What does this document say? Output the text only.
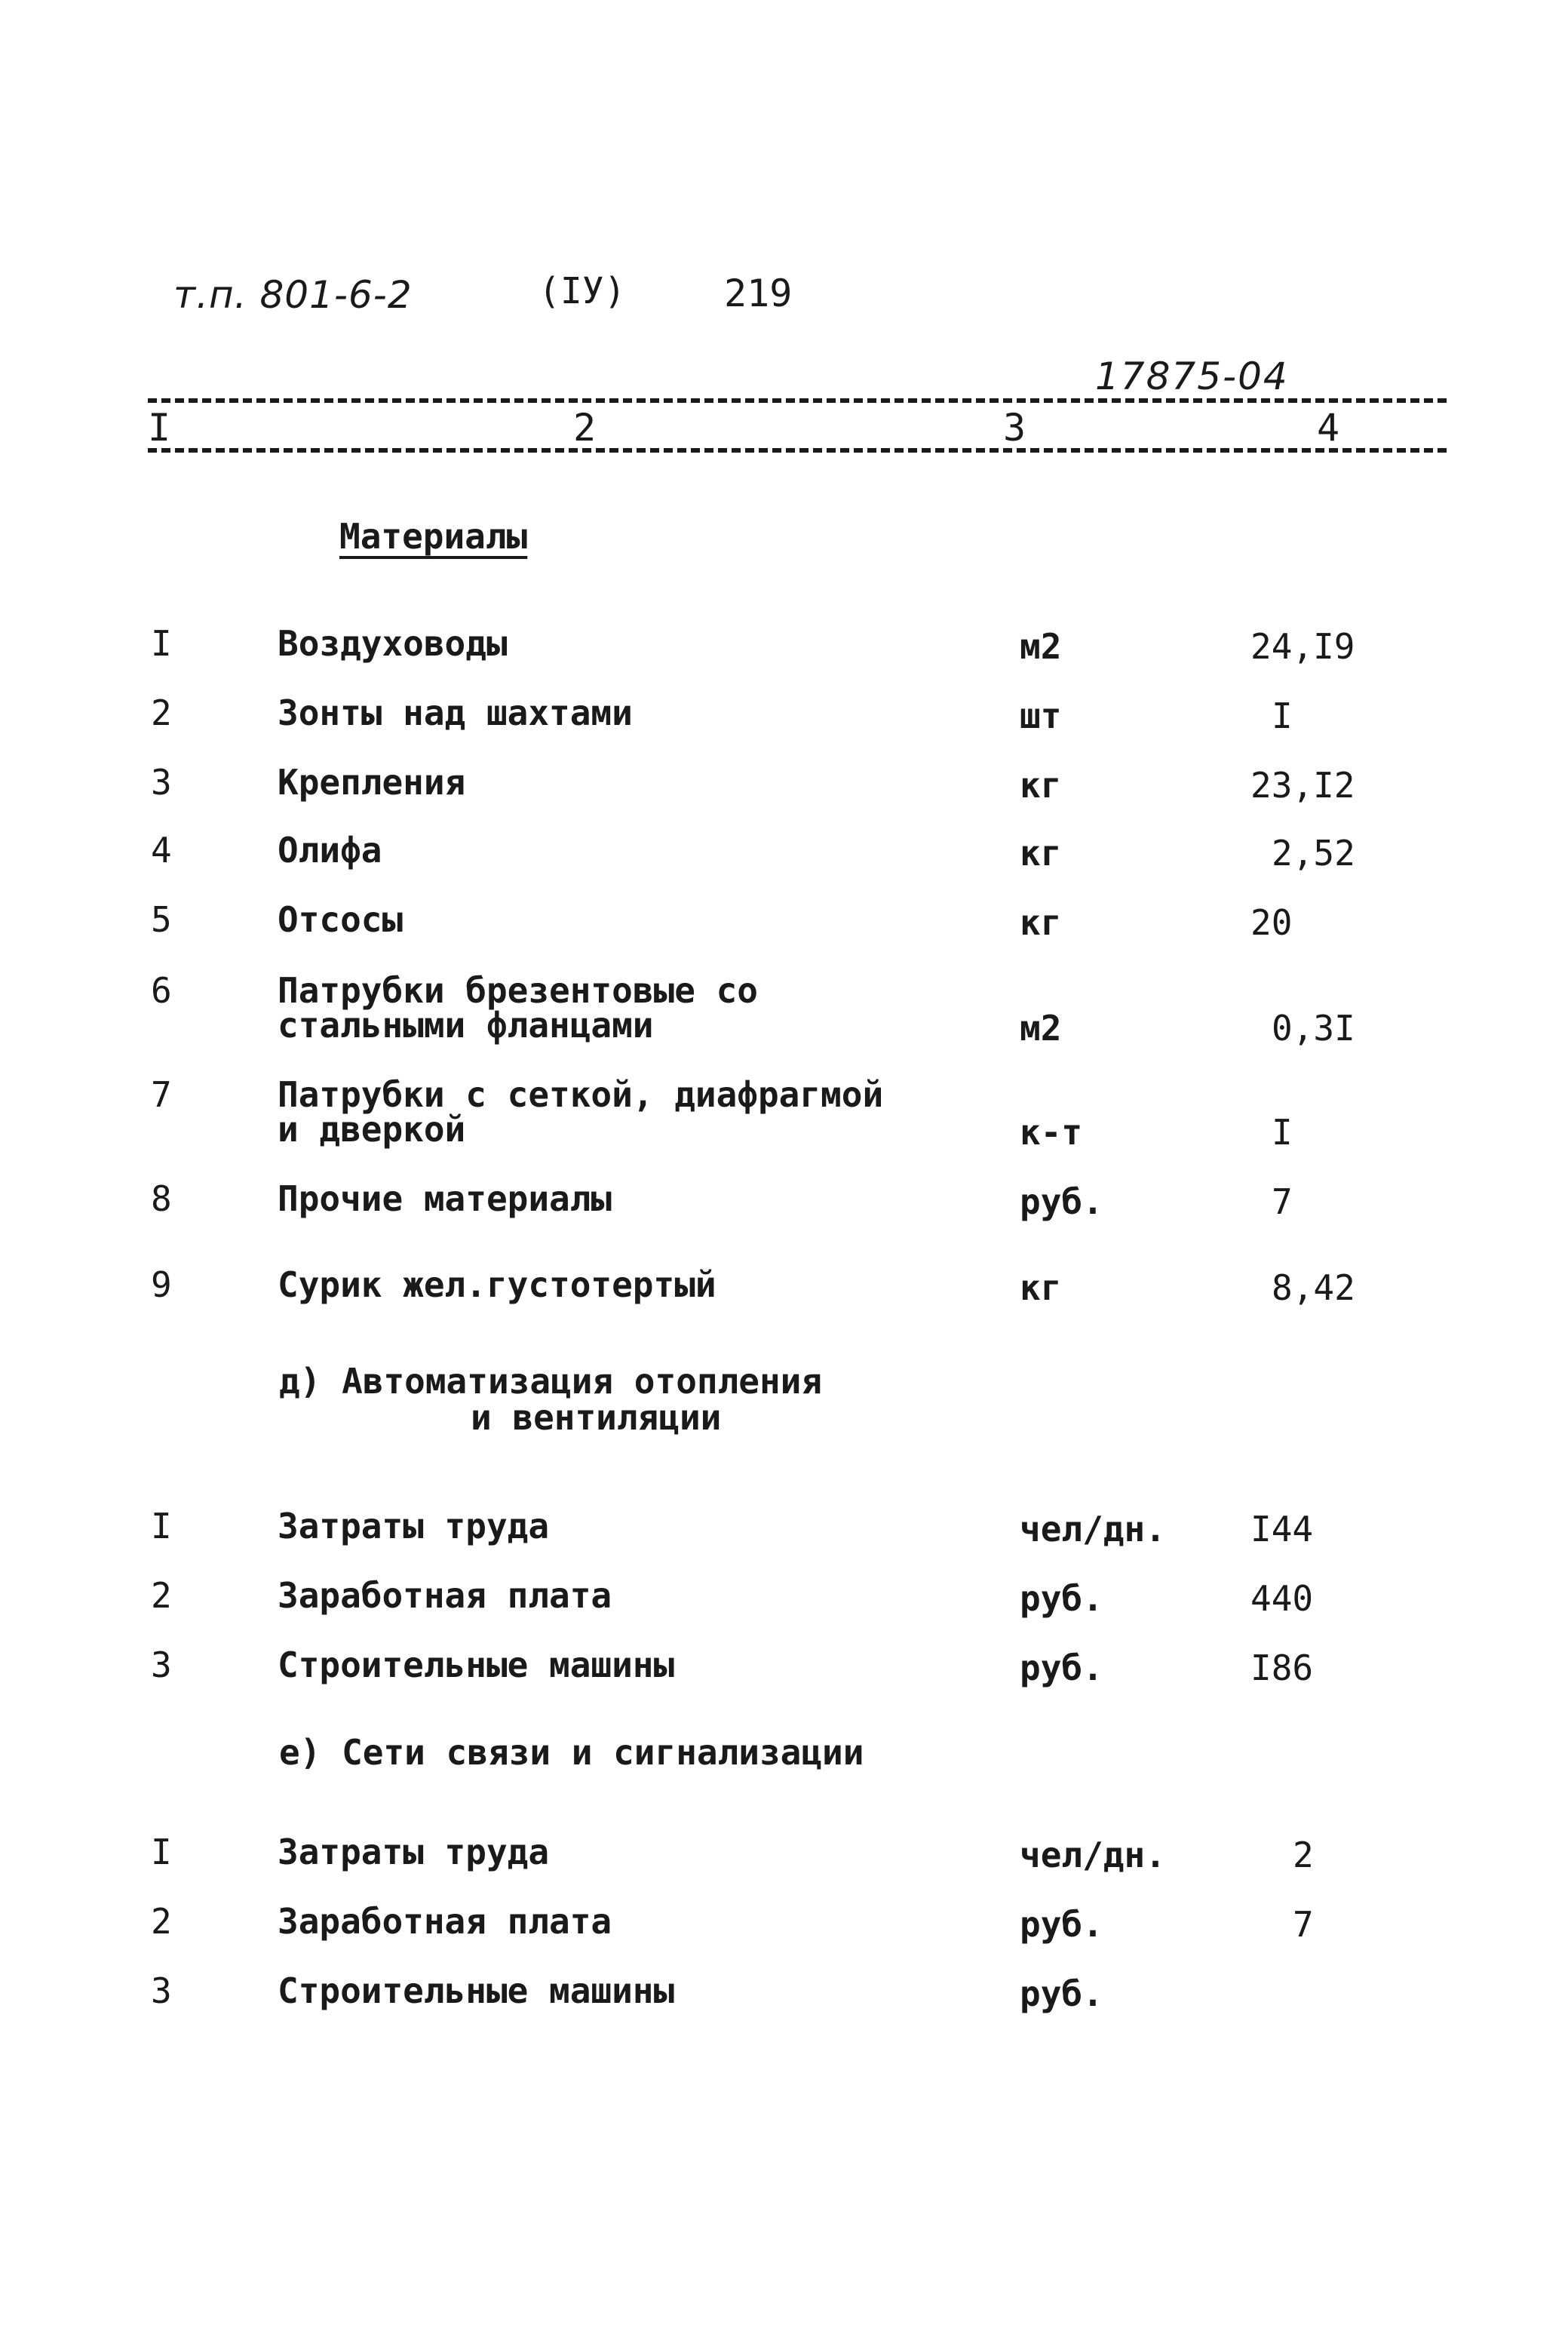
т.п. 801-6-2	(IУ)	219
17875-04
I	2	3	4
Материалы
I	Воздуховоды	м2	24,I9
2	Зонты над шахтами	шт	I
3	Крепления	кг	23,I2
4	Олифа	кг	2,52
5	Отсосы	кг	20
6	Патрубки брезентовые со
стальными фланцами	м2	0,3I
7	Патрубки с сеткой, диафрагмой
и дверкой	к-т	I
8	Прочие материалы	руб.	7
9	Сурик жел.густотертый	кг	8,42
д) Автоматизация отопления
и вентиляции
I	Затраты труда	чел/дн. I44
2	Заработная плата	руб.	440
3	Строительные машины	руб.	I86
е) Сети связи и сигнализации
I	Затраты труда	чел/дн.	2
2	Заработная плата	руб.	7
3	Строительные машины	руб.
